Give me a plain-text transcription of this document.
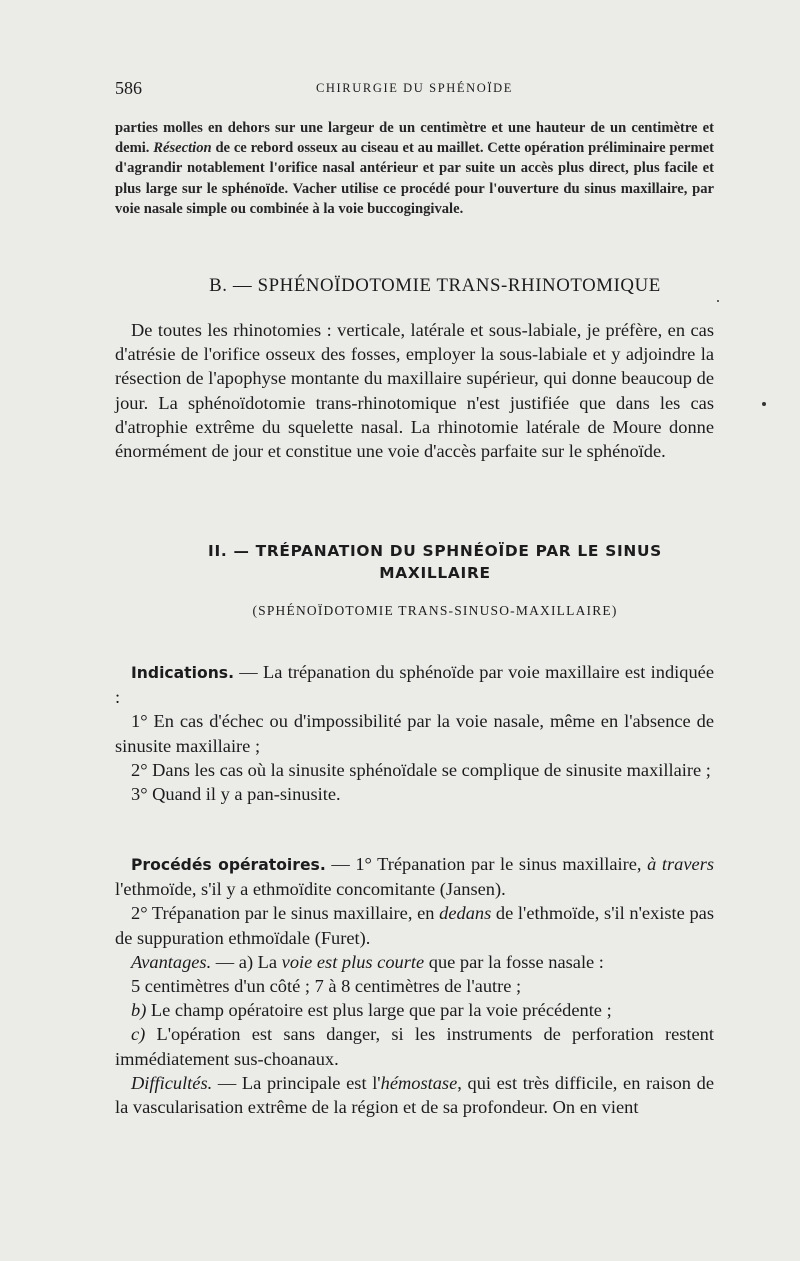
586	CHIRURGIE DU SPHÉNOÏDE

parties molles en dehors sur une largeur de un centimètre et une hauteur de un centimètre et demi. Résection de ce rebord osseux au ciseau et au maillet. Cette opération préliminaire permet d'agrandir notablement l'orifice nasal antérieur et par suite un accès plus direct, plus facile et plus large sur le sphénoïde. Vacher utilise ce procédé pour l'ouverture du sinus maxillaire, par voie nasale simple ou combinée à la voie buccogingivale.

B. — SPHÉNOÏDOTOMIE TRANS-RHINOTOMIQUE

De toutes les rhinotomies : verticale, latérale et sous-labiale, je préfère, en cas d'atrésie de l'orifice osseux des fosses, employer la sous-labiale et y adjoindre la résection de l'apophyse montante du maxillaire supérieur, qui donne beaucoup de jour. La sphénoïdotomie trans-rhinotomique n'est justifiée que dans les cas d'atrophie extrême du squelette nasal. La rhinotomie latérale de Moure donne énormément de jour et constitue une voie d'accès parfaite sur le sphénoïde.

II. — TRÉPANATION DU SPHNÉOÏDE PAR LE SINUS
MAXILLAIRE
(SPHÉNOÏDOTOMIE TRANS-SINUSO-MAXILLAIRE)

Indications. — La trépanation du sphénoïde par voie maxillaire est indiquée :

1° En cas d'échec ou d'impossibilité par la voie nasale, même en l'absence de sinusite maxillaire ;

2° Dans les cas où la sinusite sphénoïdale se complique de sinusite maxillaire ;

3° Quand il y a pan-sinusite.

Procédés opératoires. — 1° Trépanation par le sinus maxillaire, à travers l'ethmoïde, s'il y a ethmoïdite concomitante (Jansen).

2° Trépanation par le sinus maxillaire, en dedans de l'ethmoïde, s'il n'existe pas de suppuration ethmoïdale (Furet).

Avantages. — a) La voie est plus courte que par la fosse nasale :

5 centimètres d'un côté ; 7 à 8 centimètres de l'autre ;

b) Le champ opératoire est plus large que par la voie précédente ;

c) L'opération est sans danger, si les instruments de perforation restent immédiatement sus-choanaux.

Difficultés. — La principale est l'hémostase, qui est très difficile, en raison de la vascularisation extrême de la région et de sa profondeur. On en vient
